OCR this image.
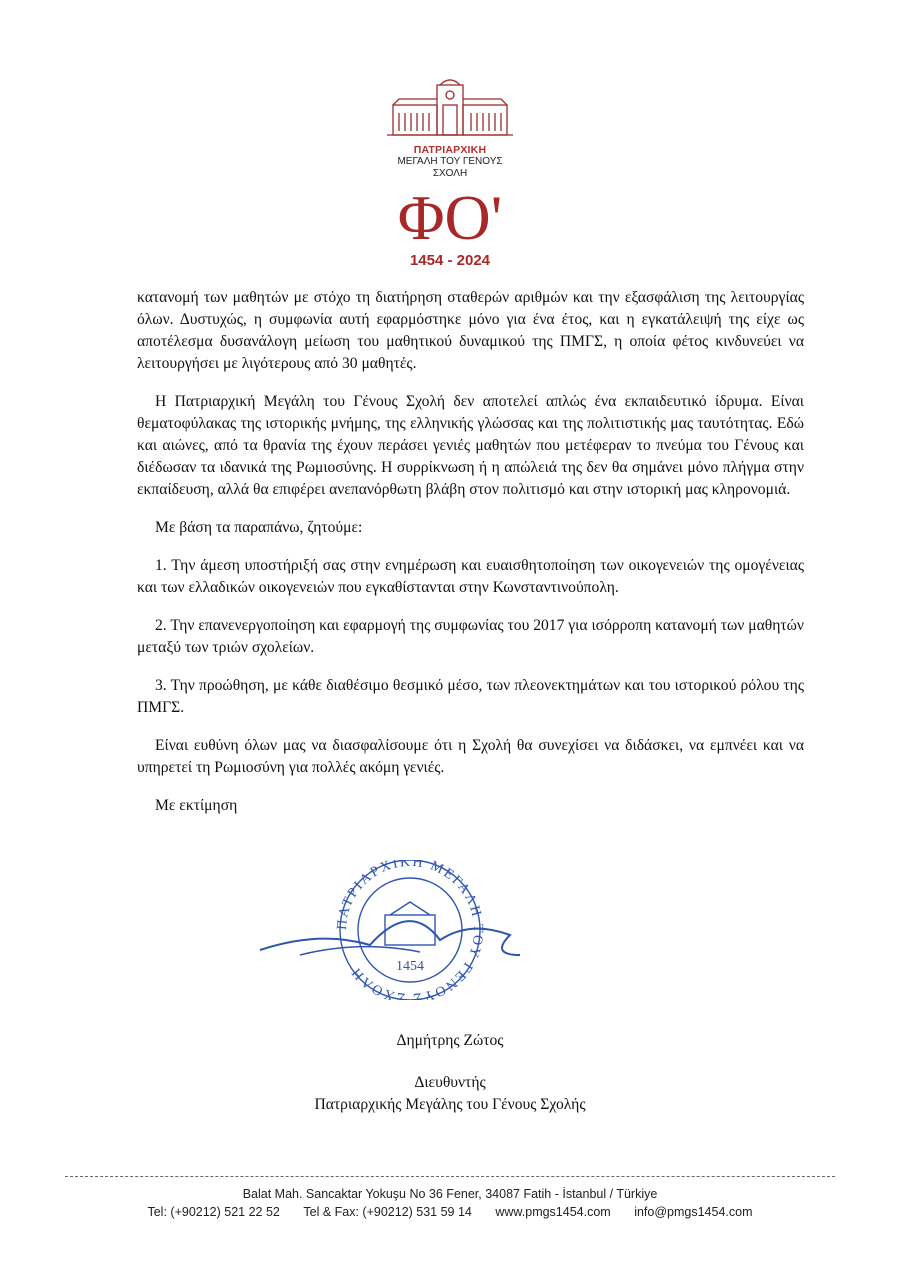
ΠΑΤΡΙΑΡΧΙΚΗ
ΜΕΓΑΛΗ ΤΟΥ ΓΕΝΟΥΣ
ΣΧΟΛΗ
ΦΟ'
1454 - 2024

κατανομή των μαθητών με στόχο τη διατήρηση σταθερών αριθμών και την εξασφάλιση της λειτουργίας όλων. Δυστυχώς, η συμφωνία αυτή εφαρμόστηκε μόνο για ένα έτος, και η εγκατάλειψή της είχε ως αποτέλεσμα δυσανάλογη μείωση του μαθητικού δυναμικού της ΠΜΓΣ, η οποία φέτος κινδυνεύει να λειτουργήσει με λιγότερους από 30 μαθητές.

Η Πατριαρχική Μεγάλη του Γένους Σχολή δεν αποτελεί απλώς ένα εκπαιδευτικό ίδρυμα. Είναι θεματοφύλακας της ιστορικής μνήμης, της ελληνικής γλώσσας και της πολιτιστικής μας ταυτότητας. Εδώ και αιώνες, από τα θρανία της έχουν περάσει γενιές μαθητών που μετέφεραν το πνεύμα του Γένους και διέδωσαν τα ιδανικά της Ρωμιοσύνης. Η συρρίκνωση ή η απώλειά της δεν θα σημάνει μόνο πλήγμα στην εκπαίδευση, αλλά θα επιφέρει ανεπανόρθωτη βλάβη στον πολιτισμό και στην ιστορική μας κληρονομιά.

Με βάση τα παραπάνω, ζητούμε:

1. Την άμεση υποστήριξή σας στην ενημέρωση και ευαισθητοποίηση των οικογενειών της ομογένειας και των ελλαδικών οικογενειών που εγκαθίστανται στην Κωνσταντινούπολη.

2. Την επανενεργοποίηση και εφαρμογή της συμφωνίας του 2017 για ισόρροπη κατανομή των μαθητών μεταξύ των τριών σχολείων.

3. Την προώθηση, με κάθε διαθέσιμο θεσμικό μέσο, των πλεονεκτημάτων και του ιστορικού ρόλου της ΠΜΓΣ.

Είναι ευθύνη όλων μας να διασφαλίσουμε ότι η Σχολή θα συνεχίσει να διδάσκει, να εμπνέει και να υπηρετεί τη Ρωμιοσύνη για πολλές ακόμη γενιές.

Με εκτίμηση

ΠΑΤΡΙΑΡΧΙΚΗ ΜΕΓΑΛΗ ΤΟΥ ΓΕΝΟΥΣ ΣΧΟΛΗ	1454
Δημήτρης Ζώτος
Διευθυντής
Πατριαρχικής Μεγάλης του Γένους Σχολής
Balat Mah. Sancaktar Yokuşu No 36 Fener, 34087 Fatih - İstanbul / Türkiye
Tel: (+90212) 521 22 52 Tel & Fax: (+90212) 531 59 14 www.pmgs1454.com info@pmgs1454.com
